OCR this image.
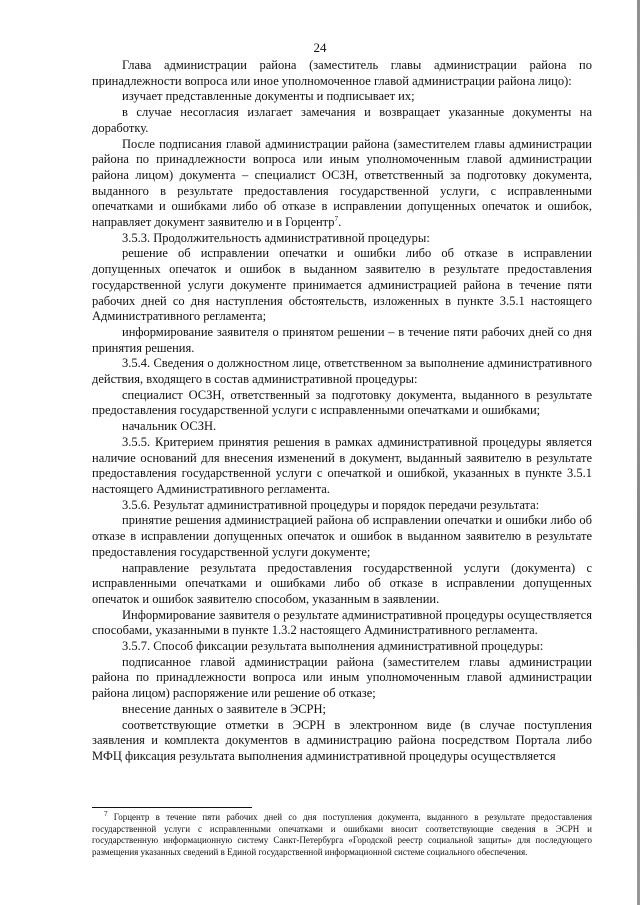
24

Глава администрации района (заместитель главы администрации района по принадлежности вопроса или иное уполномоченное главой администрации района лицо):

изучает представленные документы и подписывает их;

в случае несогласия излагает замечания и возвращает указанные документы на доработку.

После подписания главой администрации района (заместителем главы администрации района по принадлежности вопроса или иным уполномоченным главой администрации района лицом) документа – специалист ОСЗН, ответственный за подготовку документа, выданного в результате предоставления государственной услуги, с исправленными опечатками и ошибками либо об отказе в исправлении допущенных опечаток и ошибок, направляет документ заявителю и в Горцентр$^7$.

3.5.3. Продолжительность административной процедуры:

решение об исправлении опечатки и ошибки либо об отказе в исправлении допущенных опечаток и ошибок в выданном заявителю в результате предоставления государственной услуги документе принимается администрацией района в течение пяти рабочих дней со дня наступления обстоятельств, изложенных в пункте 3.5.1 настоящего Административного регламента;

информирование заявителя о принятом решении – в течение пяти рабочих дней со дня принятия решения.

3.5.4. Сведения о должностном лице, ответственном за выполнение административного действия, входящего в состав административной процедуры:

специалист ОСЗН, ответственный за подготовку документа, выданного в результате предоставления государственной услуги с исправленными опечатками и ошибками;

начальник ОСЗН.

3.5.5. Критерием принятия решения в рамках административной процедуры является наличие оснований для внесения изменений в документ, выданный заявителю в результате предоставления государственной услуги с опечаткой и ошибкой, указанных в пункте 3.5.1 настоящего Административного регламента.

3.5.6. Результат административной процедуры и порядок передачи результата:

принятие решения администрацией района об исправлении опечатки и ошибки либо об отказе в исправлении допущенных опечаток и ошибок в выданном заявителю в результате предоставления государственной услуги документе;

направление результата предоставления государственной услуги (документа) с исправленными опечатками и ошибками либо об отказе в исправлении допущенных опечаток и ошибок заявителю способом, указанным в заявлении.

Информирование заявителя о результате административной процедуры осуществляется способами, указанными в пункте 1.3.2 настоящего Административного регламента.

3.5.7. Способ фиксации результата выполнения административной процедуры:

подписанное главой администрации района (заместителем главы администрации района по принадлежности вопроса или иным уполномоченным главой администрации района лицом) распоряжение или решение об отказе;

внесение данных о заявителе в ЭСРН;

соответствующие отметки в ЭСРН в электронном виде (в случае поступления заявления и комплекта документов в администрацию района посредством Портала либо МФЦ фиксация результата выполнения административной процедуры осуществляется

$^7$ Горцентр в течение пяти рабочих дней со дня поступления документа, выданного в результате предоставления государственной услуги с исправленными опечатками и ошибками вносит соответствующие сведения в ЭСРН и государственную информационную систему Санкт-Петербурга «Городской реестр социальной защиты» для последующего размещения указанных сведений в Единой государственной информационной системе социального обеспечения.
